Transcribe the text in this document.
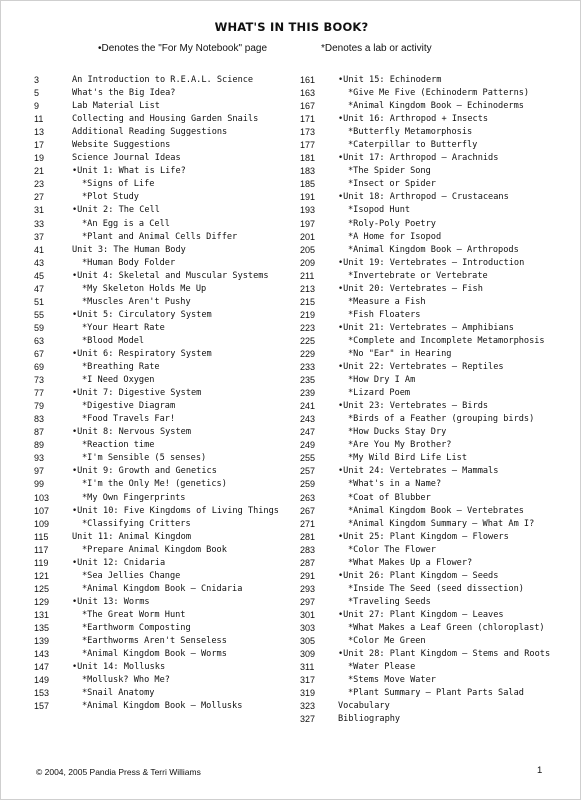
WHAT'S IN THIS BOOK?
•Denotes the "For My Notebook" page	*Denotes a lab or activity
3	An Introduction to R.E.A.L. Science
5	What's the Big Idea?
9	Lab Material List
11	Collecting and Housing Garden Snails
13	Additional Reading Suggestions
17	Website Suggestions
19	Science Journal Ideas
21	•Unit 1: What is Life?
23	*Signs of Life
27	*Plot Study
31	•Unit 2: The Cell
33	*An Egg is a Cell
37	*Plant and Animal Cells Differ
41	Unit 3: The Human Body
43	*Human Body Folder
45	•Unit 4: Skeletal and Muscular Systems
47	*My Skeleton Holds Me Up
51	*Muscles Aren't Pushy
55	•Unit 5: Circulatory System
59	*Your Heart Rate
63	*Blood Model
67	•Unit 6: Respiratory System
69	*Breathing Rate
73	*I Need Oxygen
77	•Unit 7: Digestive System
79	*Digestive Diagram
83	*Food Travels Far!
87	•Unit 8: Nervous System
89	*Reaction time
93	*I'm Sensible (5 senses)
97	•Unit 9: Growth and Genetics
99	*I'm the Only Me! (genetics)
103	*My Own Fingerprints
107	•Unit 10: Five Kingdoms of Living Things
109	*Classifying Critters
115	Unit 11: Animal Kingdom
117	*Prepare Animal Kingdom Book
119	•Unit 12: Cnidaria
121	*Sea Jellies Change
125	*Animal Kingdom Book – Cnidaria
129	•Unit 13: Worms
131	*The Great Worm Hunt
135	*Earthworm Composting
139	*Earthworms Aren't Senseless
143	*Animal Kingdom Book – Worms
147	•Unit 14: Mollusks
149	*Mollusk? Who Me?
153	*Snail Anatomy
157	*Animal Kingdom Book – Mollusks
161	•Unit 15: Echinoderm
163	*Give Me Five (Echinoderm Patterns)
167	*Animal Kingdom Book – Echinoderms
171	•Unit 16: Arthropod + Insects
173	*Butterfly Metamorphosis
177	*Caterpillar to Butterfly
181	•Unit 17: Arthropod – Arachnids
183	*The Spider Song
185	*Insect or Spider
191	•Unit 18: Arthropod – Crustaceans
193	*Isopod Hunt
197	*Roly-Poly Poetry
201	*A Home for Isopod
205	*Animal Kingdom Book – Arthropods
209	•Unit 19: Vertebrates – Introduction
211	*Invertebrate or Vertebrate
213	•Unit 20: Vertebrates – Fish
215	*Measure a Fish
219	*Fish Floaters
223	•Unit 21: Vertebrates – Amphibians
225	*Complete and Incomplete Metamorphosis
229	*No "Ear" in Hearing
233	•Unit 22: Vertebrates – Reptiles
235	*How Dry I Am
239	*Lizard Poem
241	•Unit 23: Vertebrates – Birds
243	*Birds of a Feather (grouping birds)
247	*How Ducks Stay Dry
249	*Are You My Brother?
255	*My Wild Bird Life List
257	•Unit 24: Vertebrates – Mammals
259	*What's in a Name?
263	*Coat of Blubber
267	*Animal Kingdom Book – Vertebrates
271	*Animal Kingdom Summary – What Am I?
281	•Unit 25: Plant Kingdom – Flowers
283	*Color The Flower
287	*What Makes Up a Flower?
291	•Unit 26: Plant Kingdom – Seeds
293	*Inside The Seed (seed dissection)
297	*Traveling Seeds
301	•Unit 27: Plant Kingdom – Leaves
303	*What Makes a Leaf Green (chloroplast)
305	*Color Me Green
309	•Unit 28: Plant Kingdom – Stems and Roots
311	*Water Please
317	*Stems Move Water
319	*Plant Summary – Plant Parts Salad
323	Vocabulary
327	Bibliography
© 2004, 2005 Pandia Press & Terri Williams	1
